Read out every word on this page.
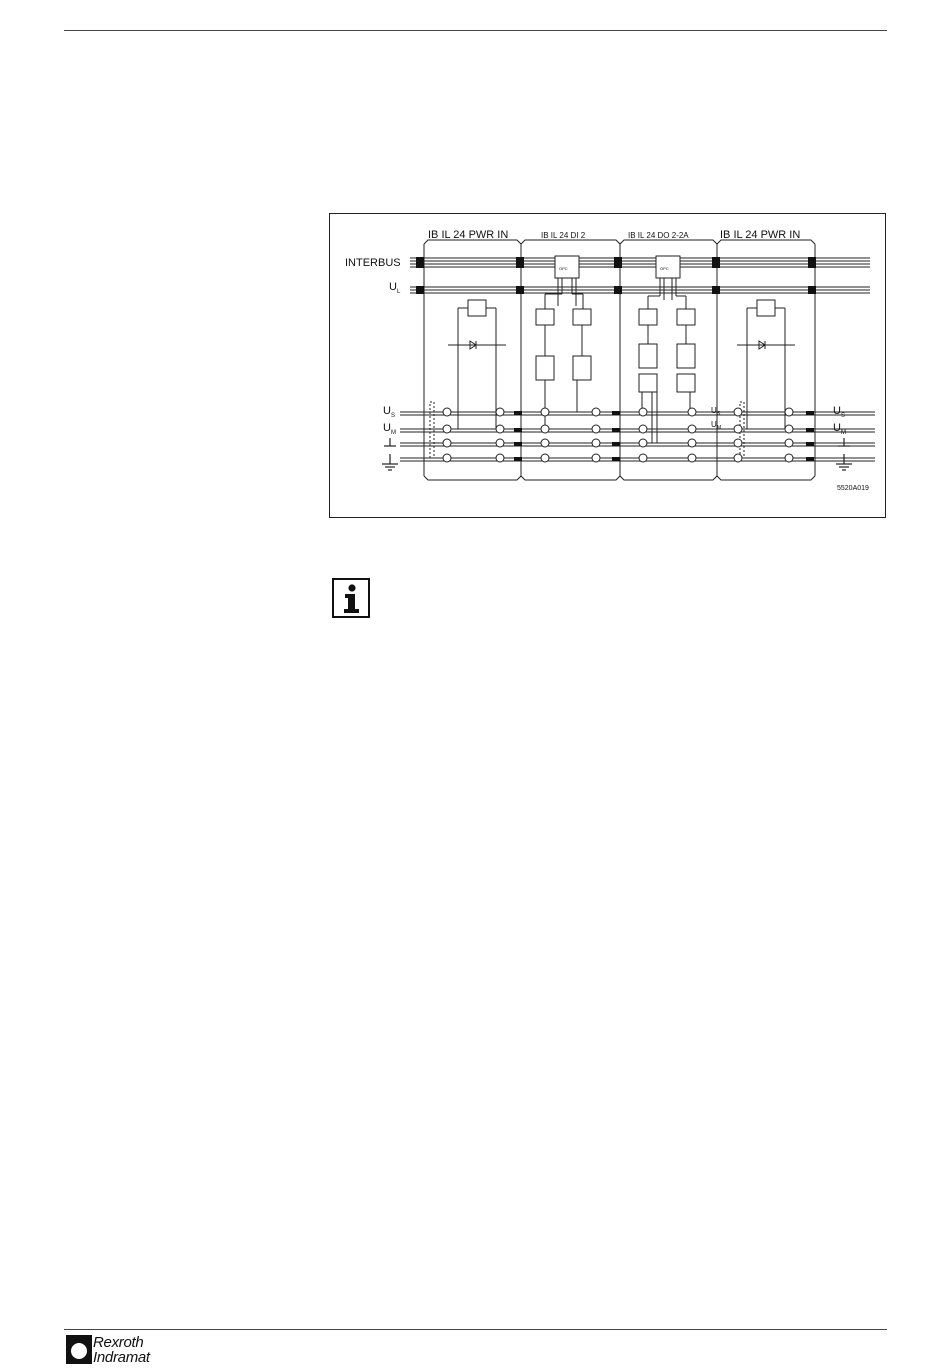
IB IL 24 PWR IN	IB IL 24 DI 2	IB IL 24 DO 2-2A	IB IL 24 PWR IN
INTERBUS
U L
U S
U M
U S
U M
U S
U M
OPC	OPC
5520A019
Rexroth
Indramat
